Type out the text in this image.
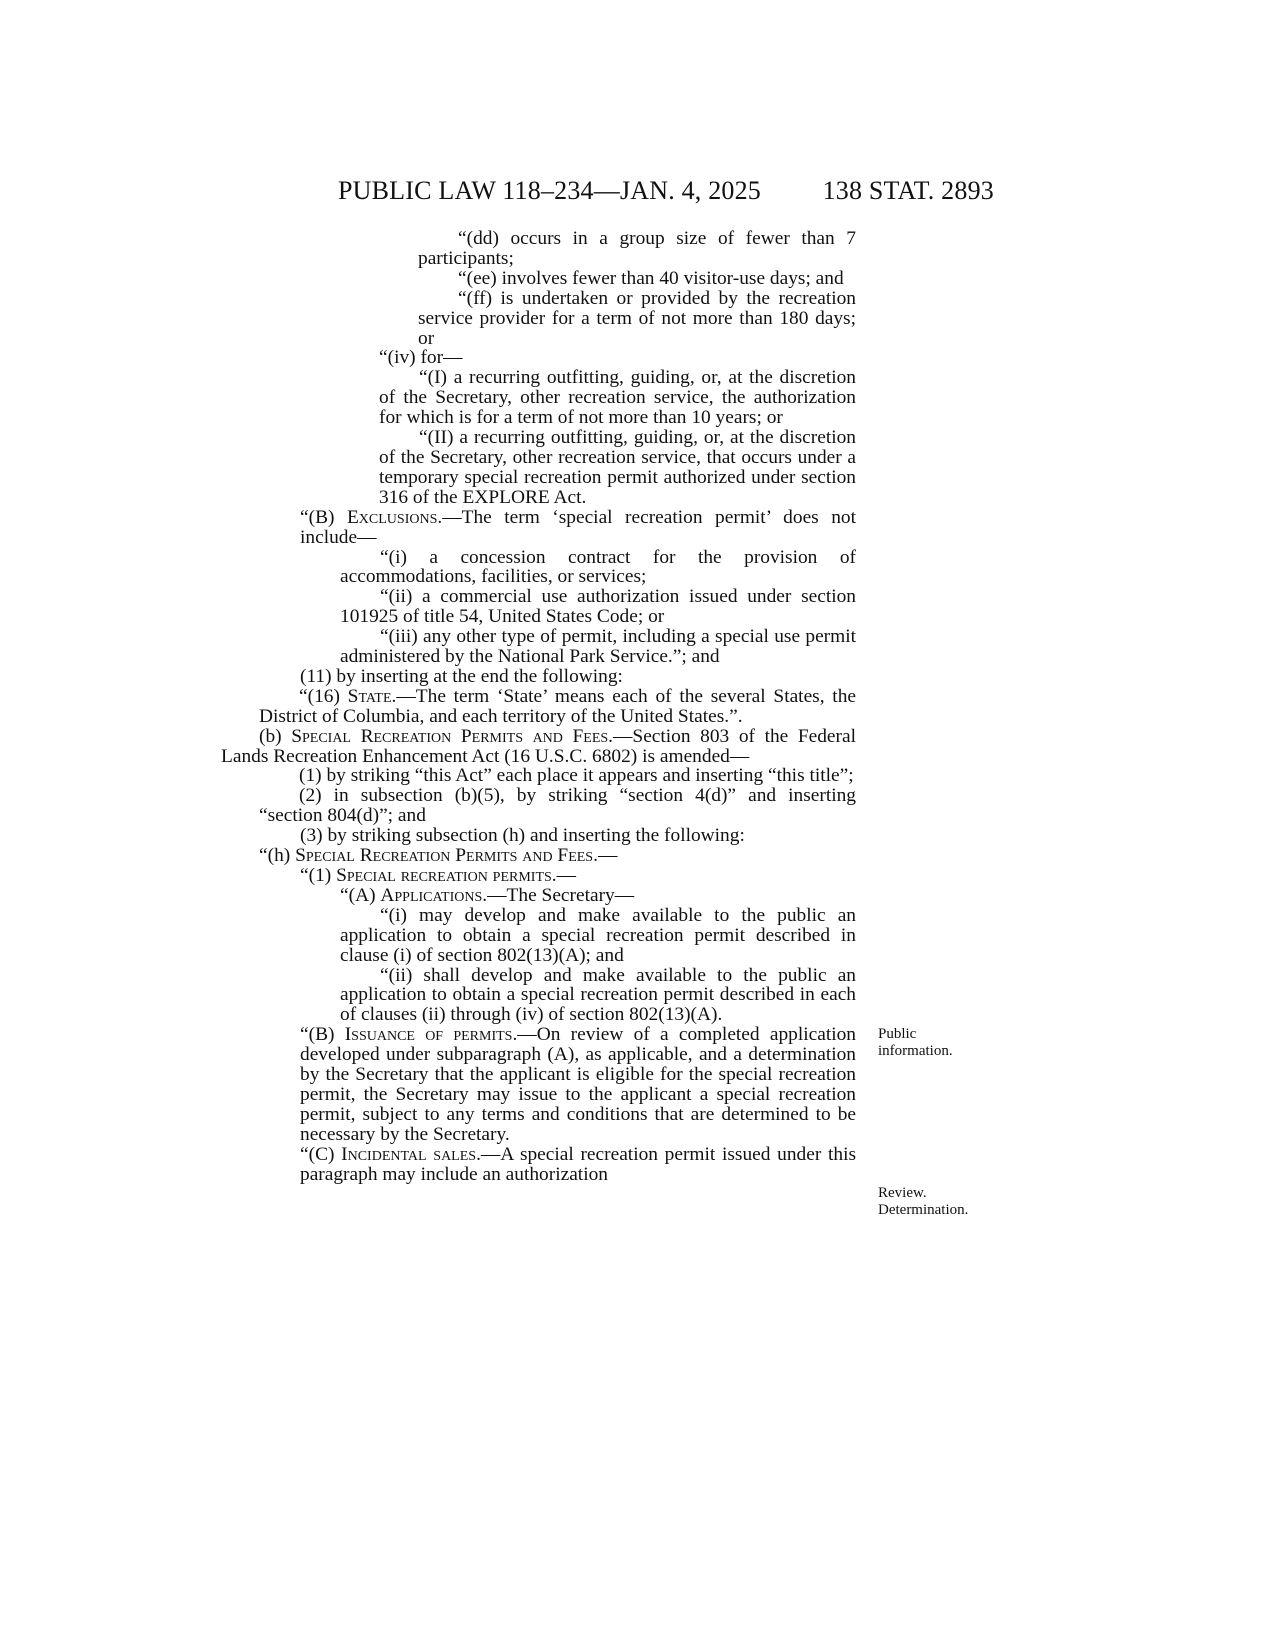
PUBLIC LAW 118–234—JAN. 4, 2025 138 STAT. 2893
“(dd) occurs in a group size of fewer than 7 participants;
“(ee) involves fewer than 40 visitor-use days; and
“(ff) is undertaken or provided by the recreation service provider for a term of not more than 180 days; or
“(iv) for—
“(I) a recurring outfitting, guiding, or, at the discretion of the Secretary, other recreation service, the authorization for which is for a term of not more than 10 years; or
“(II) a recurring outfitting, guiding, or, at the discretion of the Secretary, other recreation service, that occurs under a temporary special recreation permit authorized under section 316 of the EXPLORE Act.
“(B) Exclusions.—The term ‘special recreation permit’ does not include—
“(i) a concession contract for the provision of accommodations, facilities, or services;
“(ii) a commercial use authorization issued under section 101925 of title 54, United States Code; or
“(iii) any other type of permit, including a special use permit administered by the National Park Service.”; and
(11) by inserting at the end the following:
“(16) State.—The term ‘State’ means each of the several States, the District of Columbia, and each territory of the United States.”.
(b) Special Recreation Permits and Fees.—Section 803 of the Federal Lands Recreation Enhancement Act (16 U.S.C. 6802) is amended—
(1) by striking “this Act” each place it appears and inserting “this title”;
(2) in subsection (b)(5), by striking “section 4(d)” and inserting “section 804(d)”; and
(3) by striking subsection (h) and inserting the following:
“(h) Special Recreation Permits and Fees.—
“(1) Special recreation permits.—
“(A) Applications.—The Secretary—
“(i) may develop and make available to the public an application to obtain a special recreation permit described in clause (i) of section 802(13)(A); and
“(ii) shall develop and make available to the public an application to obtain a special recreation permit described in each of clauses (ii) through (iv) of section 802(13)(A).
“(B) Issuance of permits.—On review of a completed application developed under subparagraph (A), as applicable, and a determination by the Secretary that the applicant is eligible for the special recreation permit, the Secretary may issue to the applicant a special recreation permit, subject to any terms and conditions that are determined to be necessary by the Secretary.
“(C) Incidental sales.—A special recreation permit issued under this paragraph may include an authorization
Public
information.
Review.
Determination.
